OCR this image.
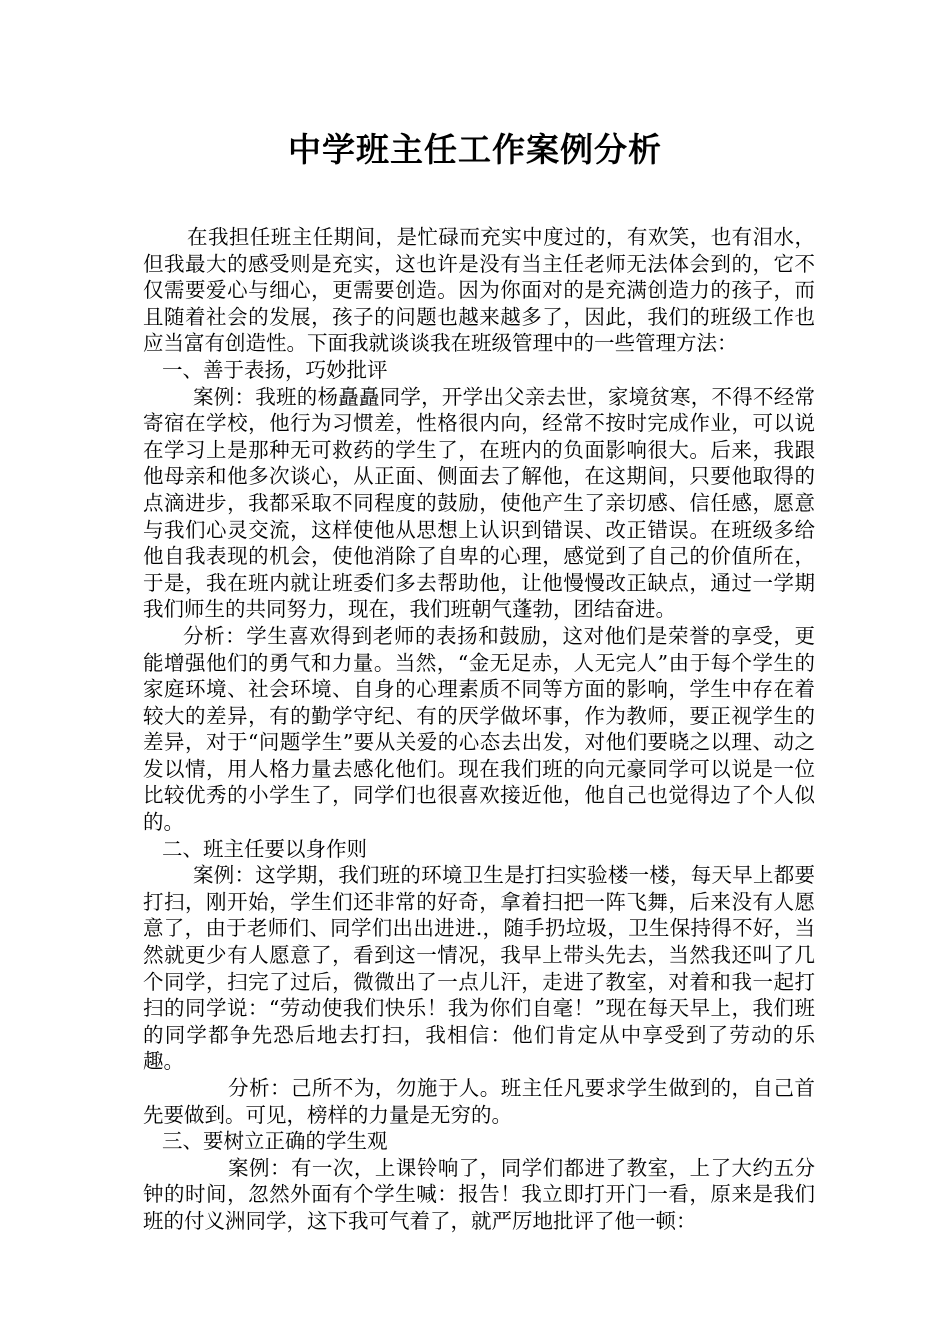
中学班主任工作案例分析

在我担任班主任期间，是忙碌而充实中度过的，有欢笑，也有泪水，但我最大的感受则是充实，这也许是没有当主任老师无法体会到的，它不仅需要爱心与细心，更需要创造。因为你面对的是充满创造力的孩子，而且随着社会的发展，孩子的问题也越来越多了，因此，我们的班级工作也应当富有创造性。下面我就谈谈我在班级管理中的一些管理方法：

一、善于表扬，巧妙批评

案例：我班的杨矗矗同学，开学出父亲去世，家境贫寒，不得不经常寄宿在学校，他行为习惯差，性格很内向，经常不按时完成作业，可以说在学习上是那种无可救药的学生了，在班内的负面影响很大。后来，我跟他母亲和他多次谈心，从正面、侧面去了解他，在这期间，只要他取得的点滴进步，我都采取不同程度的鼓励，使他产生了亲切感、信任感，愿意与我们心灵交流，这样使他从思想上认识到错误、改正错误。在班级多给他自我表现的机会，使他消除了自卑的心理，感觉到了自己的价值所在，于是，我在班内就让班委们多去帮助他，让他慢慢改正缺点，通过一学期我们师生的共同努力，现在，我们班朝气蓬勃，团结奋进。

分析：学生喜欢得到老师的表扬和鼓励，这对他们是荣誉的享受，更能增强他们的勇气和力量。当然，“金无足赤，人无完人”由于每个学生的家庭环境、社会环境、自身的心理素质不同等方面的影响，学生中存在着较大的差异，有的勤学守纪、有的厌学做坏事，作为教师，要正视学生的差异，对于“问题学生”要从关爱的心态去出发，对他们要晓之以理、动之发以情，用人格力量去感化他们。现在我们班的向元豪同学可以说是一位比较优秀的小学生了，同学们也很喜欢接近他，他自己也觉得边了个人似的。

二、班主任要以身作则

案例：这学期，我们班的环境卫生是打扫实验楼一楼，每天早上都要打扫，刚开始，学生们还非常的好奇，拿着扫把一阵飞舞，后来没有人愿意了，由于老师们、同学们出出进进.，随手扔垃圾，卫生保持得不好，当然就更少有人愿意了，看到这一情况，我早上带头先去，当然我还叫了几个同学，扫完了过后，微微出了一点儿汗，走进了教室，对着和我一起打扫的同学说：“劳动使我们快乐！我为你们自毫！”现在每天早上，我们班的同学都争先恐后地去打扫，我相信：他们肯定从中享受到了劳动的乐趣。

分析：己所不为，勿施于人。班主任凡要求学生做到的，自己首先要做到。可见，榜样的力量是无穷的。

三、要树立正确的学生观

案例：有一次，上课铃响了，同学们都进了教室，上了大约五分钟的时间，忽然外面有个学生喊：报告！我立即打开门一看，原来是我们班的付义洲同学，这下我可气着了，就严厉地批评了他一顿：
